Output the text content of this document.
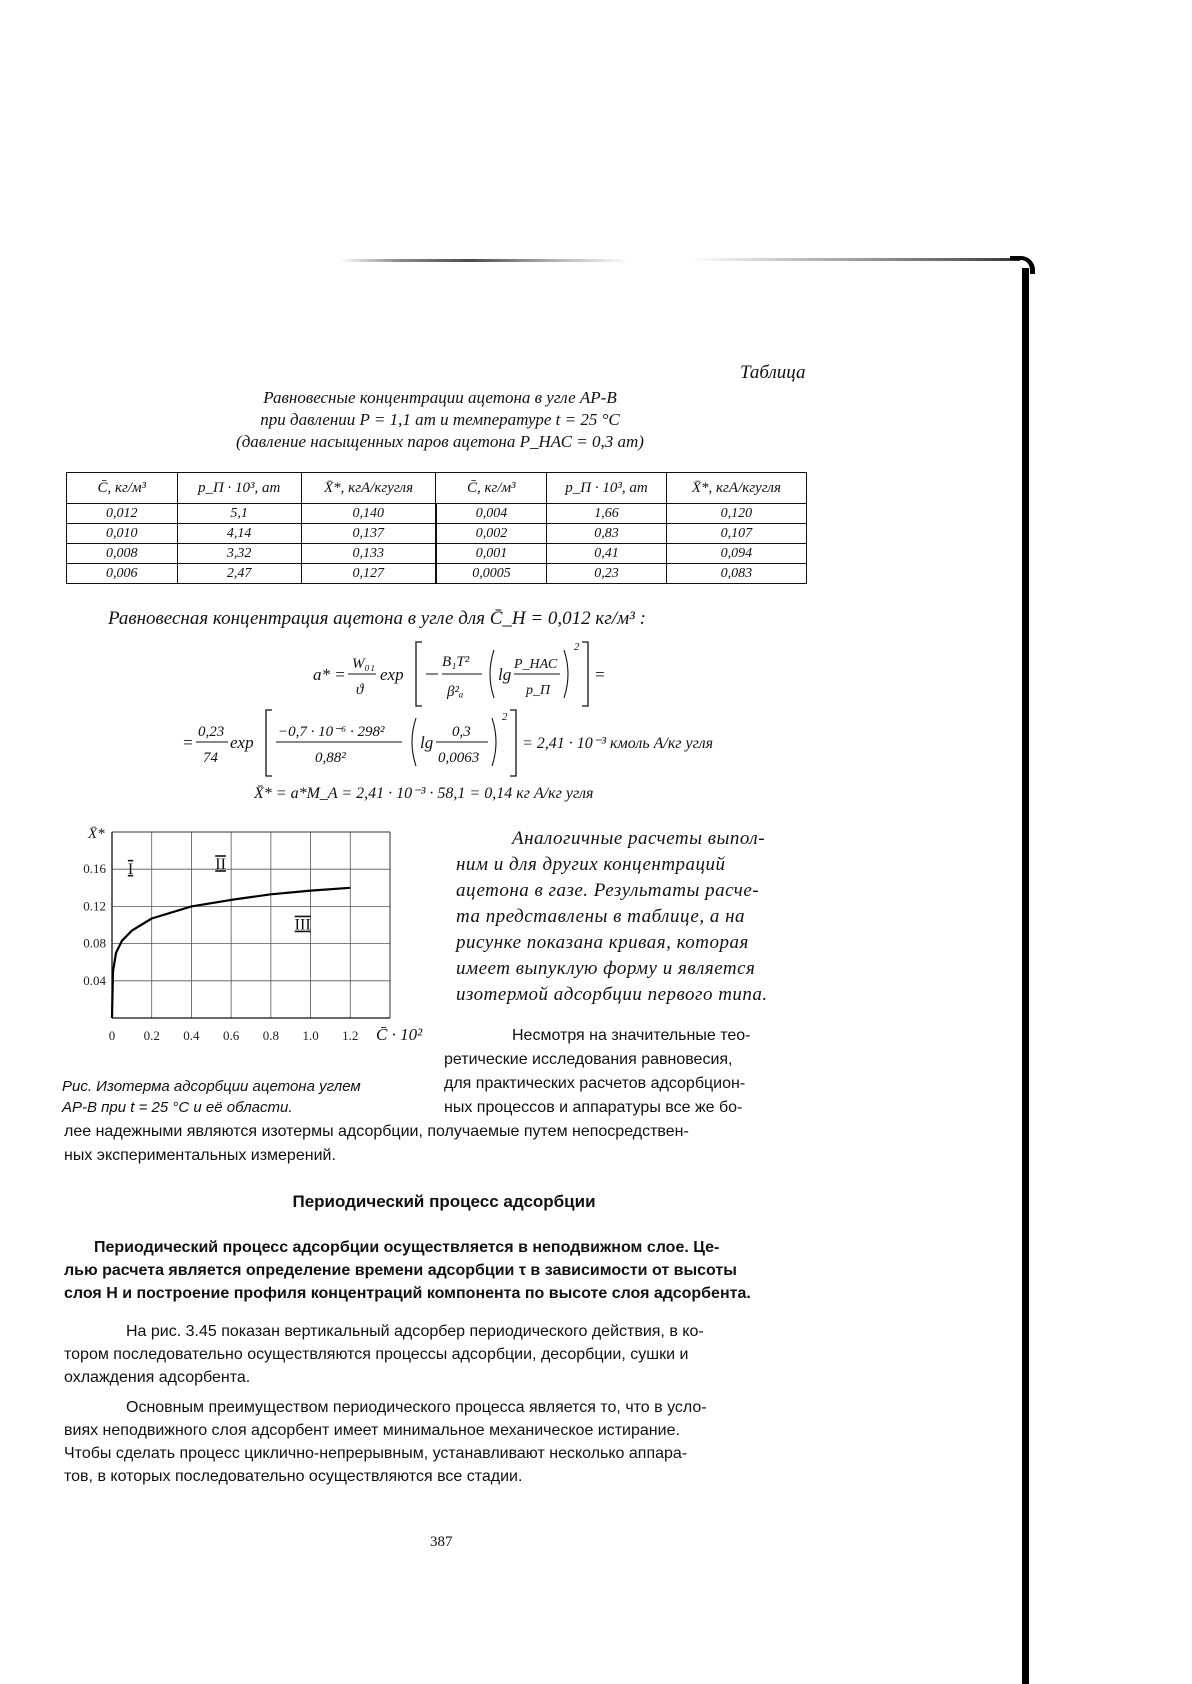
Таблица
Равновесные концентрации ацетона в угле АР-В
при давлении P = 1,1 ат и температуре t = 25 °C
(давление насыщенных паров ацетона P_НАС = 0,3 ат)
C̄, кг/м³	p_П · 10³, ат	X̄*, кгА/кгугля	C̄, кг/м³	p_П · 10³, ат	X̄*, кгА/кгугля
0,012	5,1	0,140	0,004	1,66	0,120
0,010	4,14	0,137	0,002	0,83	0,107
0,008	3,32	0,133	0,001	0,41	0,094
0,006	2,47	0,127	0,0005	0,23	0,083
Равновесная концентрация ацетона в угле для C̄_Н = 0,012 кг/м³ :
a* =
W₀₁
ϑ
exp
B₁T²
β²ₐ
lg
P_НАС
p_П
2
=
=
0,23
74
exp
−0,7 · 10⁻⁶ · 298²
0,88²
lg
0,3
0,0063
2
= 2,41 · 10⁻³ кмоль А/кг угля
X̄* = a*M_A = 2,41 · 10⁻³ · 58,1 = 0,14 кг А/кг угля
0 0.2 0.4 0.6 0.8 1.0 1.2
0.04
0.08
0.12
0.16
X̄*
C̄ · 10²
I	II
III
Рис. Изотерма адсорбции ацетона углем
АР-В при t = 25 °C и её области.
Аналогичные расчеты выпол-
ним и для других концентраций
ацетона в газе. Результаты расче-
та представлены в таблице, а на
рисунке показана кривая, которая
имеет выпуклую форму и является
изотермой адсорбции первого типа.
Несмотря на значительные тео-
ретические исследования равновесия,
для практических расчетов адсорбцион-
ных процессов и аппаратуры все же бо-
лее надежными являются изотермы адсорбции, получаемые путем непосредствен-
ных экспериментальных измерений.
Периодический процесс адсорбции
Периодический процесс адсорбции осуществляется в неподвижном слое. Це-
лью расчета является определение времени адсорбции τ в зависимости от высоты
слоя H и построение профиля концентраций компонента по высоте слоя адсорбента.
На рис. 3.45 показан вертикальный адсорбер периодического действия, в ко-
тором последовательно осуществляются процессы адсорбции, десорбции, сушки и
охлаждения адсорбента.
Основным преимуществом периодического процесса является то, что в усло-
виях неподвижного слоя адсорбент имеет минимальное механическое истирание.
Чтобы сделать процесс циклично-непрерывным, устанавливают несколько аппара-
тов, в которых последовательно осуществляются все стадии.
387
